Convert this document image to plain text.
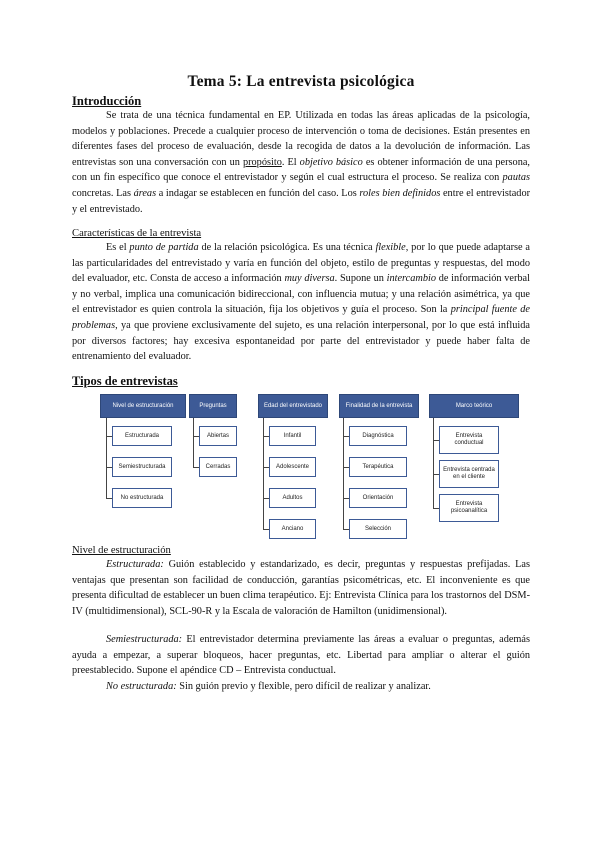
Tema 5: La entrevista psicológica
Introducción

Se trata de una técnica fundamental en EP. Utilizada en todas las áreas aplicadas de la psicología, modelos y poblaciones. Precede a cualquier proceso de intervención o toma de decisiones. Están presentes en diferentes fases del proceso de evaluación, desde la recogida de datos a la devolución de información. Las entrevistas son una conversación con un propósito. El objetivo básico es obtener información de una persona, con un fin específico que conoce el entrevistador y según el cual estructura el proceso. Se realiza con pautas concretas. Las áreas a indagar se establecen en función del caso. Los roles bien definidos entre el entrevistador y el entrevistado.

Características de la entrevista

Es el punto de partida de la relación psicológica. Es una técnica flexible, por lo que puede adaptarse a las particularidades del entrevistado y varía en función del objeto, estilo de preguntas y respuestas, del modo del evaluador, etc. Consta de acceso a información muy diversa. Supone un intercambio de información verbal y no verbal, implica una comunicación bidireccional, con influencia mutua; y una relación asimétrica, ya que el entrevistador es quien controla la situación, fija los objetivos y guía el proceso. Son la principal fuente de problemas, ya que proviene exclusivamente del sujeto, es una relación interpersonal, por lo que está influida por diversos factores; hay excesiva espontaneidad por parte del entrevistador y puede haber falta de entrenamiento del evaluador.

Tipos de entrevistas
Nivel de estructuración

Estructurada: Guión establecido y estandarizado, es decir, preguntas y respuestas prefijadas. Las ventajas que presentan son facilidad de conducción, garantías psicométricas, etc. El inconveniente es que presenta dificultad de establecer un buen clima terapéutico. Ej: Entrevista Clínica para los trastornos del DSM-IV (multidimensional), SCL-90-R y la Escala de valoración de Hamilton (unidimensional).

Semiestructurada: El entrevistador determina previamente las áreas a evaluar o preguntas, además ayuda a empezar, a superar bloqueos, hacer preguntas, etc. Libertad para ampliar o alterar el guión preestablecido. Supone el apéndice CD – Entrevista conductual.

No estructurada: Sin guión previo y flexible, pero difícil de realizar y analizar.

Nivel de estructuración
Estructurada
Semiestructurada
No estructurada
Preguntas
Abiertas
Cerradas
Edad del entrevistado
Infantil
Adolescente
Adultos
Anciano
Finalidad de la entrevista
Diagnóstica
Terapéutica
Orientación
Selección
Marco teórico
Entrevista conductual
Entrevista centrada en el cliente
Entrevista psicoanalítica
